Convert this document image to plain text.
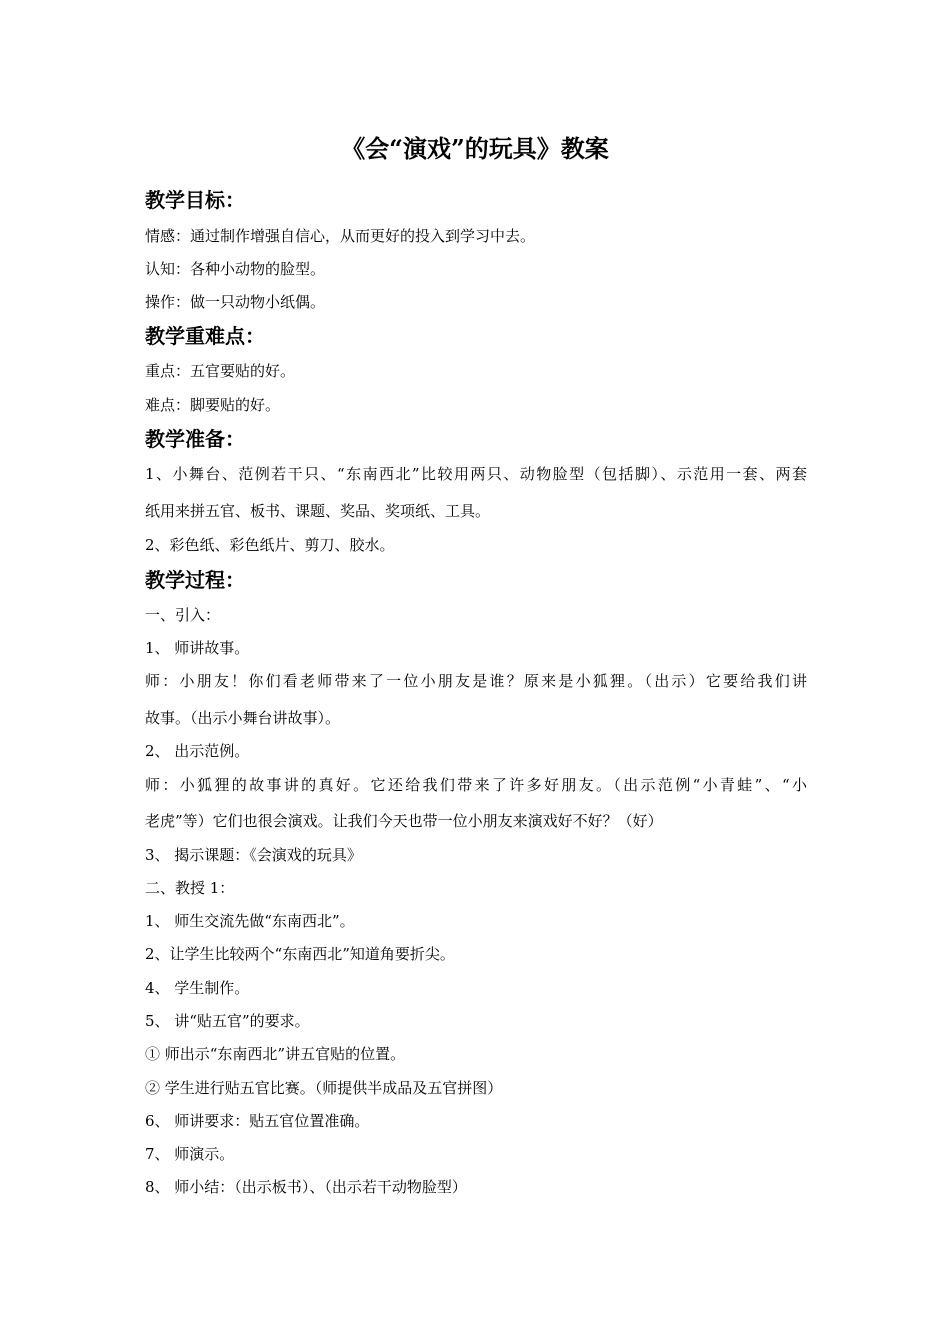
《会“演戏”的玩具》教案
教学目标：
情感：通过制作增强自信心，从而更好的投入到学习中去。
认知：各种小动物的脸型。
操作：做一只动物小纸偶。
教学重难点：
重点：五官要贴的好。
难点：脚要贴的好。
教学准备：
1、小舞台、范例若干只、“东南西北”比较用两只、动物脸型（包括脚）、示范用一套、两套
纸用来拼五官、板书、课题、奖品、奖项纸、工具。
2、彩色纸、彩色纸片、剪刀、胶水。
教学过程：
一、引入：
1、 师讲故事。
师：小朋友！你们看老师带来了一位小朋友是谁？原来是小狐狸。（出示）它要给我们讲
故事。（出示小舞台讲故事）。
2、 出示范例。
师：小狐狸的故事讲的真好。它还给我们带来了许多好朋友。（出示范例“小青蛙”、“小
老虎”等）它们也很会演戏。让我们今天也带一位小朋友来演戏好不好？（好）
3、 揭示课题：《会演戏的玩具》
二、教授 1：
1、 师生交流先做“东南西北”。
2、让学生比较两个“东南西北”知道角要折尖。
4、 学生制作。
5、 讲“贴五官”的要求。
① 师出示“东南西北”讲五官贴的位置。
② 学生进行贴五官比赛。（师提供半成品及五官拼图）
6、 师讲要求：贴五官位置准确。
7、 师演示。
8、 师小结：（出示板书）、（出示若干动物脸型）
